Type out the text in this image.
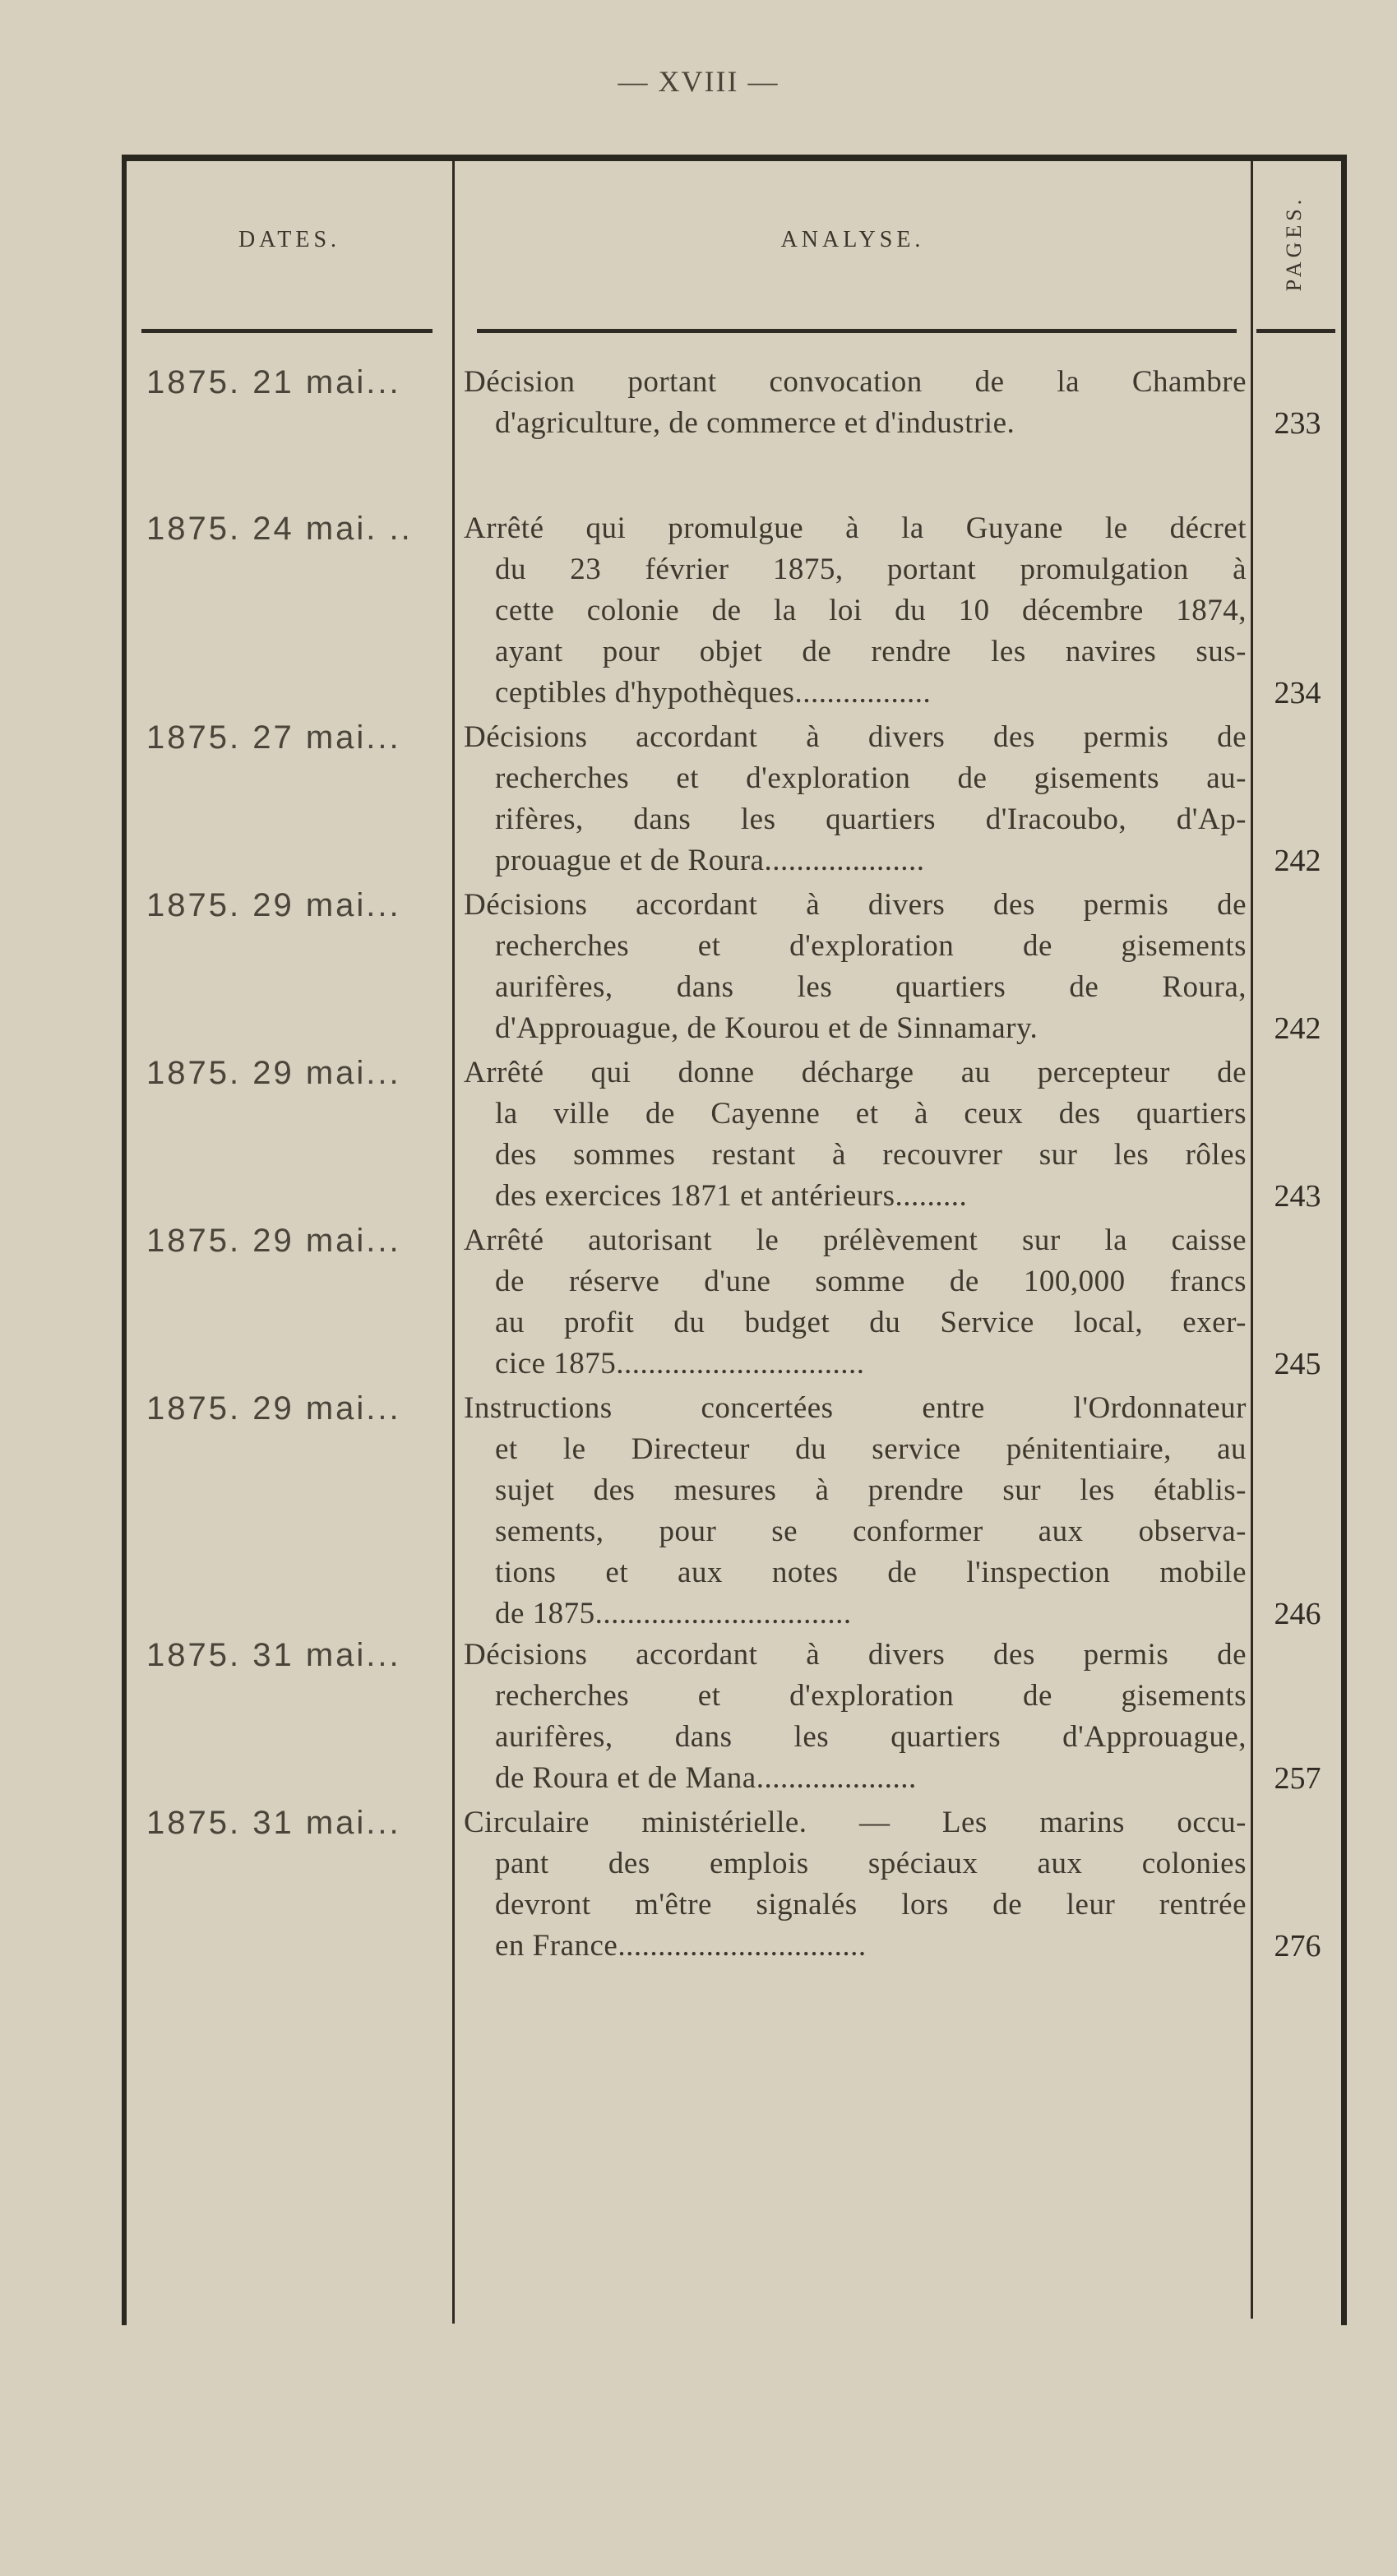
— XVIII —
DATES.	ANALYSE.	PAGES.
1875. 21 mai...	Décision portant convocation de la Chambre
d'agriculture, de commerce et d'industrie.	233
1875. 24 mai. ..	Arrêté qui promulgue à la Guyane le décret
du 23 février 1875, portant promulgation à
cette colonie de la loi du 10 décembre 1874,
ayant pour objet de rendre les navires sus-
ceptibles d'hypothèques.................	234
1875. 27 mai...	Décisions accordant à divers des permis de
recherches et d'exploration de gisements au-
rifères, dans les quartiers d'Iracoubo, d'Ap-
prouague et de Roura....................	242
1875. 29 mai...	Décisions accordant à divers des permis de
recherches et d'exploration de gisements
aurifères, dans les quartiers de Roura,
d'Approuague, de Kourou et de Sinnamary.	242
1875. 29 mai...	Arrêté qui donne décharge au percepteur de
la ville de Cayenne et à ceux des quartiers
des sommes restant à recouvrer sur les rôles
des exercices 1871 et antérieurs.........	243
1875. 29 mai...	Arrêté autorisant le prélèvement sur la caisse
de réserve d'une somme de 100,000 francs
au profit du budget du Service local, exer-
cice 1875...............................	245
1875. 29 mai...	Instructions concertées entre l'Ordonnateur
et le Directeur du service pénitentiaire, au
sujet des mesures à prendre sur les établis-
sements, pour se conformer aux observa-
tions et aux notes de l'inspection mobile
de 1875................................	246
1875. 31 mai...	Décisions accordant à divers des permis de
recherches et d'exploration de gisements
aurifères, dans les quartiers d'Approuague,
de Roura et de Mana....................	257
1875. 31 mai...	Circulaire ministérielle. — Les marins occu-
pant des emplois spéciaux aux colonies
devront m'être signalés lors de leur rentrée
en France...............................	276
